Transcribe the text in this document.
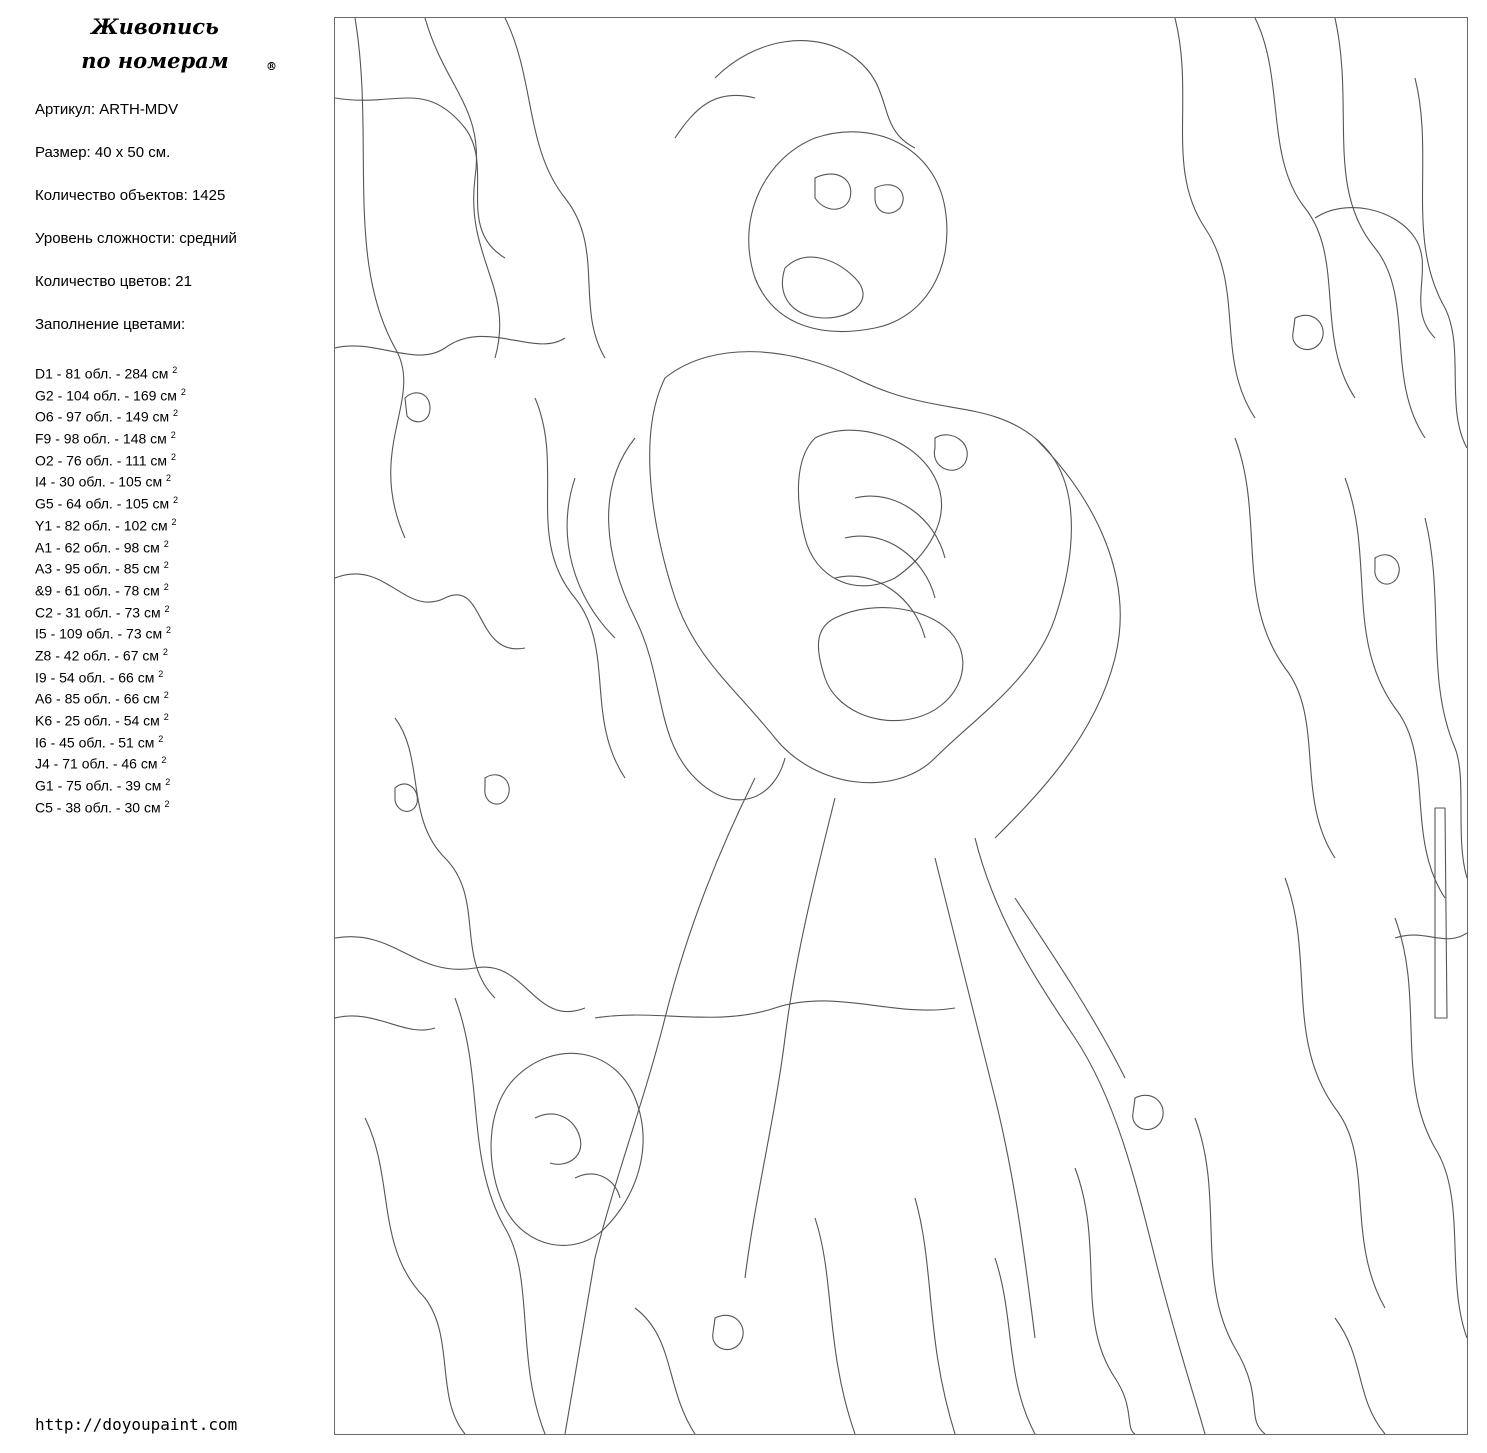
Живопись
по номерам	®
Артикул: ARTH-MDV
Размер: 40 х 50 см.
Количество объектов: 1425
Уровень сложности: средний
Количество цветов: 21
Заполнение цветами:
D1 - 81 обл. - 284 см $^2$
G2 - 104 обл. - 169 см $^2$
O6 - 97 обл. - 149 см $^2$
F9 - 98 обл. - 148 см $^2$
O2 - 76 обл. - 111 см $^2$
I4 - 30 обл. - 105 см $^2$
G5 - 64 обл. - 105 см $^2$
Y1 - 82 обл. - 102 см $^2$
A1 - 62 обл. - 98 см $^2$
A3 - 95 обл. - 85 см $^2$
&9 - 61 обл. - 78 см $^2$
C2 - 31 обл. - 73 см $^2$
I5 - 109 обл. - 73 см $^2$
Z8 - 42 обл. - 67 см $^2$
I9 - 54 обл. - 66 см $^2$
A6 - 85 обл. - 66 см $^2$
K6 - 25 обл. - 54 см $^2$
I6 - 45 обл. - 51 см $^2$
J4 - 71 обл. - 46 см $^2$
G1 - 75 обл. - 39 см $^2$
C5 - 38 обл. - 30 см $^2$
http://doyoupaint.com
